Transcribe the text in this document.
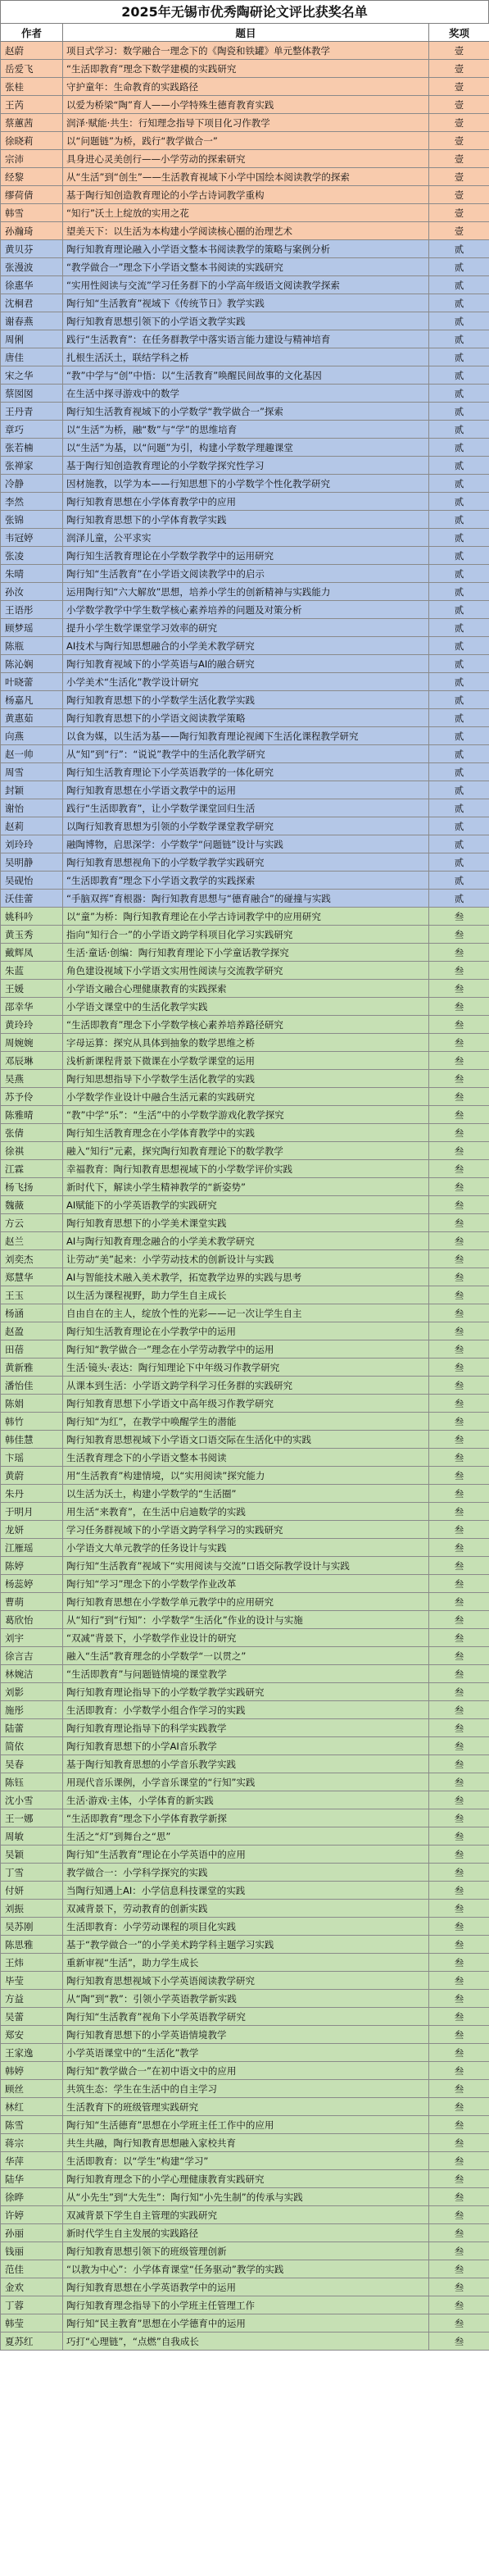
2025年无锡市优秀陶研论文评比获奖名单
作者	题目	奖项
赵蔚	项目式学习：数学融合一理念下的《陶瓷和铁罐》单元整体教学	壹
岳爱飞	“生活即教育”理念下数学建模的实践研究	壹
张桂	守护童年：生命教育的实践路径	壹
王芮	以爱为桥梁“陶”育人——小学特殊生德育教育实践	壹
蔡蕙茜	润泽·赋能·共生：行知理念指导下项目化习作教学	壹
徐晓莉	以“问题链”为桥，践行“教学做合一”	壹
宗沛	具身进心灵美创行——小学劳动的探索研究	壹
经黎	从“生活”到“创生”——生活教育视域下小学中国绘本阅读教学的探索	壹
缪荷倩	基于陶行知创造教育理论的小学古诗词教学重构	壹
韩雪	“知行”沃土上绽放的实用之花	壹
孙瀚琦	望美天下：以生活为本构建小学阅读核心圈的治理艺术	壹
黄贝芬	陶行知教育理论融入小学语文整本书阅读教学的策略与案例分析	贰
张漫波	“教学做合一”理念下小学语文整本书阅读的实践研究	贰
徐惠华	“实用性阅读与交流”学习任务群下的小学高年级语文阅读教学探索	贰
沈桐君	陶行知“生活教育”视域下《传统节日》教学实践	贰
谢春燕	陶行知教育思想引领下的小学语文教学实践	贰
周俐	践行“生活教育”：在任务群教学中落实语言能力建设与精神培育	贰
唐佳	扎根生活沃土，联结学科之桥	贰
宋之华	“教”中学与“创”中悟：以“生活教育”唤醒民间故事的文化基因	贰
蔡囡囡	在生活中探寻游戏中的数学	贰
王丹青	陶行知生活教育视域下的小学数学“教学做合一”探索	贰
章巧	以“生活”为桥，融“数”与“学”的思维培育	贰
张若楠	以“生活”为基，以“问题”为引，构建小学数学理趣课堂	贰
张禅家	基于陶行知创造教育理论的小学数学探究性学习	贰
冷静	因材施教，以学为本——行知思想下的小学数学个性化教学研究	贰
李然	陶行知教育思想在小学体育教学中的应用	贰
张锦	陶行知教育思想下的小学体育教学实践	贰
韦冠婷	润泽儿童，公平求实	贰
张凌	陶行知生活教育理论在小学数学教学中的运用研究	贰
朱晴	陶行知“生活教育”在小学语文阅读教学中的启示	贰
孙汝	运用陶行知“六大解放”思想，培养小学生的创新精神与实践能力	贰
王语彤	小学数学教学中学生数学核心素养培养的问题及对策分析	贰
顾梦瑶	提升小学生数学课堂学习效率的研究	贰
陈瓶	AI技术与陶行知思想融合的小学美术教学研究	贰
陈沁娴	陶行知教育视域下的小学英语与AI的融合研究	贰
叶晓蕾	小学美术“生活化”教学设计研究	贰
杨嘉凡	陶行知教育思想下的小学数学生活化教学实践	贰
黄惠茹	陶行知教育思想下的小学语文阅读教学策略	贰
向燕	以食为媒，以生活为基——陶行知教育理论视阈下生活化课程教学研究	贰
赵一帅	从“知”到“行”：“说说”教学中的生活化教学研究	贰
周雪	陶行知生活教育理论下小学英语教学的一体化研究	贰
封颖	陶行知教育思想在小学语文教学中的运用	贰
谢怡	践行“生活即教育”，让小学数学课堂回归生活	贰
赵莉	以陶行知教育思想为引领的小学数学课堂教学研究	贰
刘玲玲	融陶博物，启思深学：小学数学“问题链”设计与实践	贰
吴明静	陶行知教育思想视角下的小学数学教学实践研究	贰
吴砚怡	“生活即教育”理念下小学语文教学的实践探索	贰
沃佳蕾	“手脑双挥”育根器：陶行知教育思想与“德育融合”的碰撞与实践	贰
姚科吟	以“童”为桥：陶行知教育理论在小学古诗词教学中的应用研究	叁
黄玉秀	指向“知行合一”的小学语文跨学科项目化学习实践研究	叁
戴辉凤	生活·童话·创编：陶行知教育理论下小学童话教学探究	叁
朱蓝	角色建设视域下小学语文实用性阅读与交流教学研究	叁
王媛	小学语文融合心理健康教育的实践探索	叁
邵幸华	小学语文课堂中的生活化教学实践	叁
黄玲玲	“生活即教育”理念下小学数学核心素养培养路径研究	叁
周婉婉	字母运算：探究从具体到抽象的数学思维之桥	叁
邓辰琳	浅析新课程背景下微课在小学数学课堂的运用	叁
吴燕	陶行知思想指导下小学数学生活化教学的实践	叁
苏予伶	小学数学作业设计中融合生活元素的实践研究	叁
陈雅晴	“教”中学“乐”：“生活”中的小学数学游戏化教学探究	叁
张倩	陶行知生活教育理念在小学体育教学中的实践	叁
徐祺	融入“知行”元素，探究陶行知教育理论下的数学教学	叁
江霖	幸福教育：陶行知教育思想视域下的小学数学评价实践	叁
杨飞扬	新时代下，解读小学生精神教学的“新姿势”	叁
魏薇	AI赋能下的小学英语教学的实践研究	叁
方云	陶行知教育思想下的小学美术课堂实践	叁
赵兰	AI与陶行知教育理念融合的小学美术教学研究	叁
刘奕杰	让劳动“美”起来：小学劳动技术的创新设计与实践	叁
郑慧华	AI与智能技术融入美术教学，拓宽教学边界的实践与思考	叁
王玉	以生活为课程视野，助力学生自主成长	叁
杨涵	自由自在的主人，绽放个性的光彩——记一次让学生自主	叁
赵盈	陶行知生活教育理论在小学教学中的运用	叁
田蓓	陶行知“教学做合一”理念在小学劳动教学中的运用	叁
黄新雅	生活·镜头·表达：陶行知理论下中年级习作教学研究	叁
潘怡佳	从课本到生活：小学语文跨学科学习任务群的实践研究	叁
陈娟	陶行知教育思想下小学语文中高年级习作教学研究	叁
韩竹	陶行知“为红”，在教学中唤醒学生的潜能	叁
韩佳慧	陶行知教育思想视域下小学语文口语交际在生活化中的实践	叁
卞瑶	生活教育理念下的小学语文整本书阅读	叁
黄蔚	用“生活教育”构建情境，以“实用阅读”探究能力	叁
朱丹	以生活为沃土，构建小学数学的“生活圈”	叁
于明月	用生活“来教育”，在生活中启迪数学的实践	叁
龙妍	学习任务群视域下的小学语文跨学科学习的实践研究	叁
江雁瑶	小学语文大单元教学的任务设计与实践	叁
陈婷	陶行知“生活教育”视域下“实用阅读与交流”口语交际教学设计与实践	叁
杨蕊婷	陶行知“学习”理念下的小学数学作业改革	叁
曹萌	陶行知教育思想在小学数学单元教学中的应用研究	叁
葛欣怡	从“知行”到“行知”：小学数学“生活化”作业的设计与实施	叁
刘宇	“双减”背景下，小学数学作业设计的研究	叁
徐言吉	融入“生活”教育理念的小学数学“一以贯之”	叁
林婉洁	“生活即教育”与问题链情境的课堂教学	叁
刘影	陶行知教育理论指导下的小学数学教学实践研究	叁
施彤	生活即教育：小学数学小组合作学习的实践	叁
陆蕾	陶行知教育理论指导下的科学实践教学	叁
简依	陶行知教育思想下的小学AI音乐教学	叁
吴春	基于陶行知教育思想的小学音乐教学实践	叁
陈钰	用现代音乐课例，小学音乐课堂的“行知”实践	叁
沈小雪	生活·游戏·主体，小学体育的新实践	叁
王一娜	“生活即教育”理念下小学体育教学新探	叁
周敏	生活之“灯”到舞台之“思”	叁
吴颖	陶行知“生活教育”理论在小学英语中的应用	叁
丁雪	教学做合一：小学科学探究的实践	叁
付妍	当陶行知遇上AI：小学信息科技课堂的实践	叁
刘振	双减背景下，劳动教育的创新实践	叁
吴苏刚	生活即教育：小学劳动课程的项目化实践	叁
陈思雅	基于“教学做合一”的小学美术跨学科主题学习实践	叁
王炜	重新审视“生活”，助力学生成长	叁
毕莹	陶行知教育思想视域下小学英语阅读教学研究	叁
方益	从“陶”到“教”：引领小学英语教学新实践	叁
吴蕾	陶行知“生活教育”视角下小学英语教学研究	叁
郑安	陶行知教育思想下的小学英语情境教学	叁
王家逸	小学英语课堂中的“生活化”教学	叁
韩婷	陶行知“教学做合一”在初中语文中的应用	叁
顾丝	共筑生态：学生在生活中的自主学习	叁
林红	生活教育下的班级管理实践研究	叁
陈雪	陶行知“生活德育”思想在小学班主任工作中的应用	叁
蒋宗	共生共融，陶行知教育思想融入家校共育	叁
华萍	生活即教育：以“学生”构建“学习”	叁
陆华	陶行知教育理念下的小学心理健康教育实践研究	叁
徐晔	从“小先生”到“大先生”：陶行知“小先生制”的传承与实践	叁
许婷	双减背景下学生自主管理的实践研究	叁
孙丽	新时代学生自主发展的实践路径	叁
钱丽	陶行知教育思想引领下的班级管理创新	叁
范佳	“以教为中心”：小学体育课堂“任务驱动”教学的实践	叁
金欢	陶行知教育思想在小学英语教学中的运用	叁
丁蓉	陶行知教育理念指导下的小学班主任管理工作	叁
韩莹	陶行知“民主教育”思想在小学德育中的运用	叁
夏苏红	巧打“心理链”，“点燃”自我成长	叁
